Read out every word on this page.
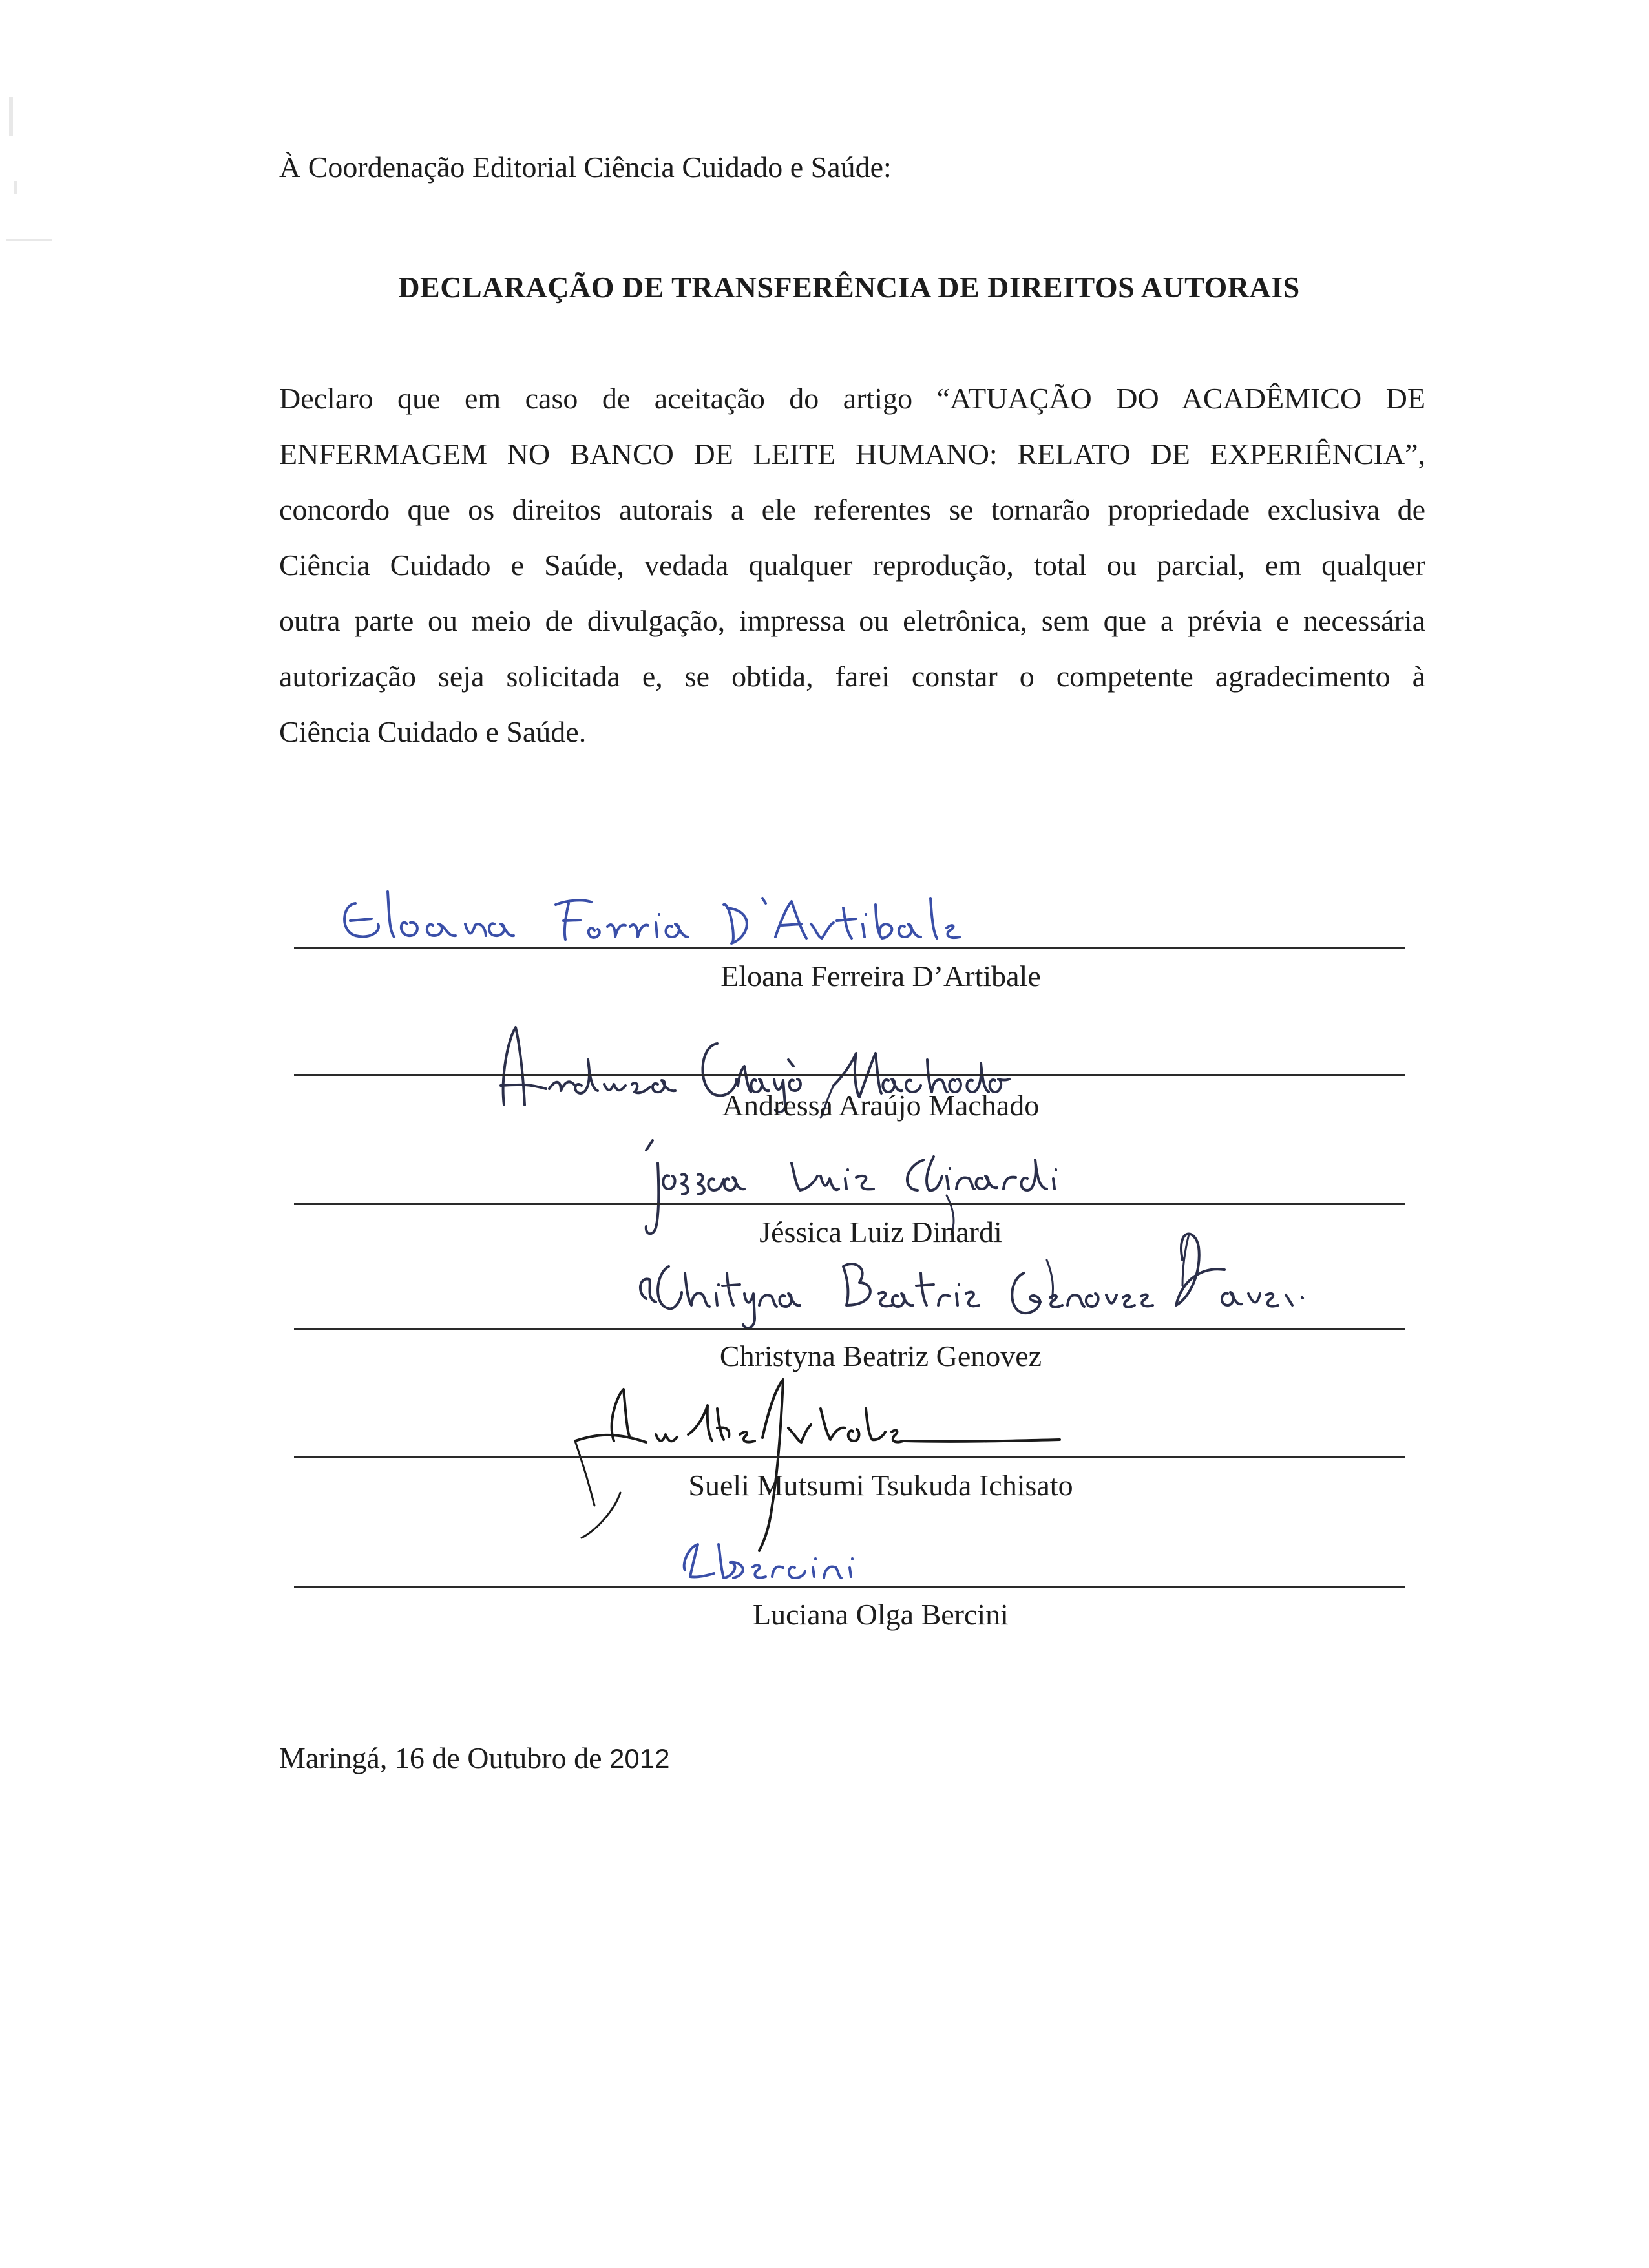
À Coordenação Editorial Ciência Cuidado e Saúde:
DECLARAÇÃO DE TRANSFERÊNCIA DE DIREITOS AUTORAIS
Declaro que em caso de aceitação do artigo “ATUAÇÃO DO ACADÊMICO DE
ENFERMAGEM NO BANCO DE LEITE HUMANO: RELATO DE EXPERIÊNCIA”,
concordo que os direitos autorais a ele referentes se tornarão propriedade exclusiva de
Ciência Cuidado e Saúde, vedada qualquer reprodução, total ou parcial, em qualquer
outra parte ou meio de divulgação, impressa ou eletrônica, sem que a prévia e necessária
autorização seja solicitada e, se obtida, farei constar o competente agradecimento à
Ciência Cuidado e Saúde.
Eloana Ferreira D’Artibale
Andressa Araújo Machado
Jéssica Luiz Dinardi
Christyna Beatriz Genovez
Sueli Mutsumi Tsukuda Ichisato
Luciana Olga Bercini
Maringá, 16 de Outubro de 2012
